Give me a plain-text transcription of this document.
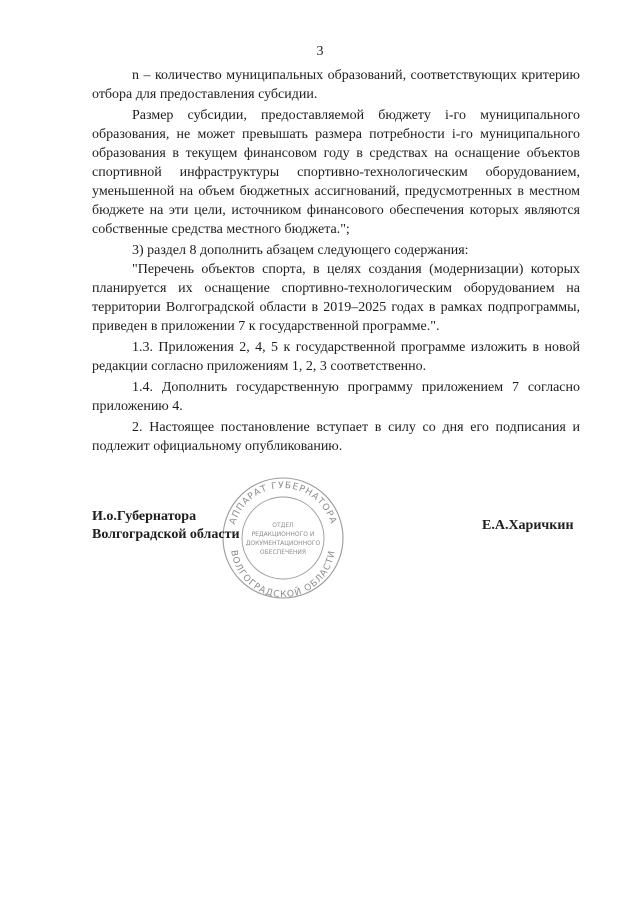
3

n – количество муниципальных образований, соответствующих критерию отбора для предоставления субсидии.

Размер субсидии, предоставляемой бюджету i-го муниципального образования, не может превышать размера потребности i-го муниципального образования в текущем финансовом году в средствах на оснащение объектов спортивной инфраструктуры спортивно-технологическим оборудованием, уменьшенной на объем бюджетных ассигнований, предусмотренных в местном бюджете на эти цели, источником финансового обеспечения которых являются собственные средства местного бюджета.";

3) раздел 8 дополнить абзацем следующего содержания:

"Перечень объектов спорта, в целях создания (модернизации) которых планируется их оснащение спортивно-технологическим оборудованием на территории Волгоградской области в 2019–2025 годах в рамках подпрограммы, приведен в приложении 7 к государственной программе.".

1.3. Приложения 2, 4, 5 к государственной программе изложить в новой редакции согласно приложениям 1, 2, 3 соответственно.

1.4. Дополнить государственную программу приложением 7 согласно приложению 4.

2. Настоящее постановление вступает в силу со дня его подписания и подлежит официальному опубликованию.

АППАРАТ ГУБЕРНАТОРА
ВОЛГОГРАДСКОЙ ОБЛАСТИ
ОТДЕЛ
РЕДАКЦИОННОГО И
ДОКУМЕНТАЦИОННОГО
ОБЕСПЕЧЕНИЯ
И.о.Губернатора
Волгоградской области
Е.А.Харичкин
